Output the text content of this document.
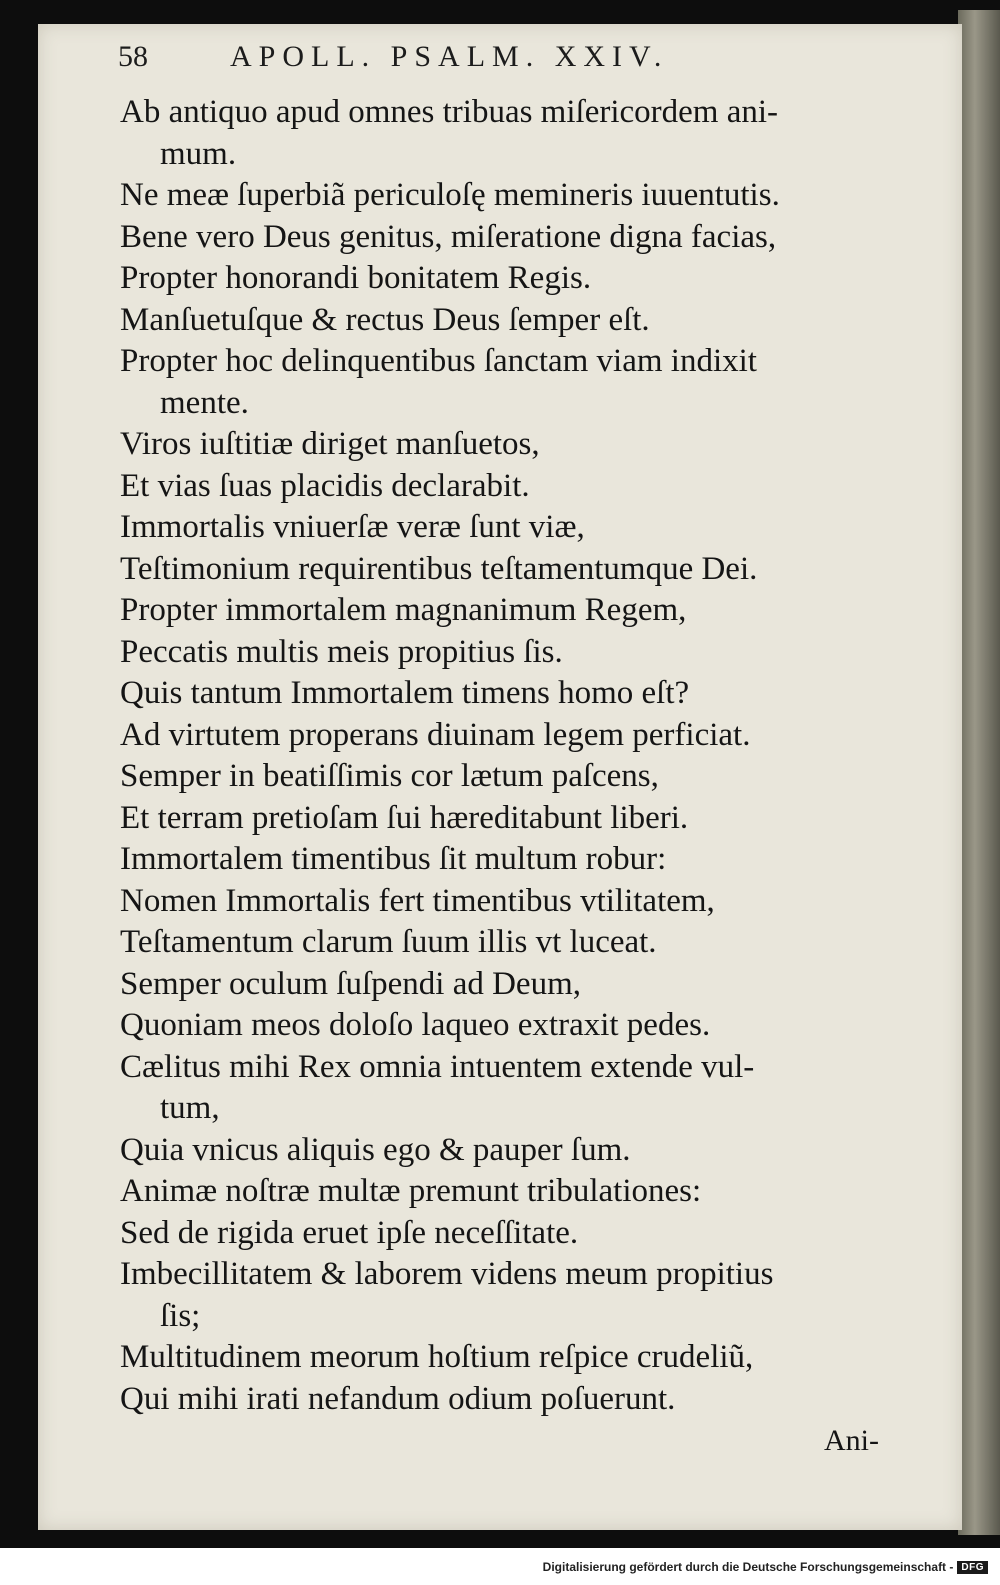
58	APOLL. PSALM. XXIV.
Ab antiquo apud omnes tribuas miſericordem ani-
mum.
Ne meæ ſuperbiã periculoſę memineris iuuentutis.
Bene vero Deus genitus, miſeratione digna facias,
Propter honorandi bonitatem Regis.
Manſuetuſque & rectus Deus ſemper eſt.
Propter hoc delinquentibus ſanctam viam indixit
mente.
Viros iuſtitiæ diriget manſuetos,
Et vias ſuas placidis declarabit.
Immortalis vniuerſæ veræ ſunt viæ,
Teſtimonium requirentibus teſtamentumque Dei.
Propter immortalem magnanimum Regem,
Peccatis multis meis propitius ſis.
Quis tantum Immortalem timens homo eſt?
Ad virtutem properans diuinam legem perficiat.
Semper in beatiſſimis cor lætum paſcens,
Et terram pretioſam ſui hæreditabunt liberi.
Immortalem timentibus ſit multum robur:
Nomen Immortalis fert timentibus vtilitatem,
Teſtamentum clarum ſuum illis vt luceat.
Semper oculum ſuſpendi ad Deum,
Quoniam meos doloſo laqueo extraxit pedes.
Cælitus mihi Rex omnia intuentem extende vul-
tum,
Quia vnicus aliquis ego & pauper ſum.
Animæ noſtræ multæ premunt tribulationes:
Sed de rigida eruet ipſe neceſſitate.
Imbecillitatem & laborem videns meum propitius
ſis;
Multitudinem meorum hoſtium reſpice crudeliũ,
Qui mihi irati nefandum odium poſuerunt.
Ani-
Digitalisierung gefördert durch die Deutsche Forschungsgemeinschaft - DFG
